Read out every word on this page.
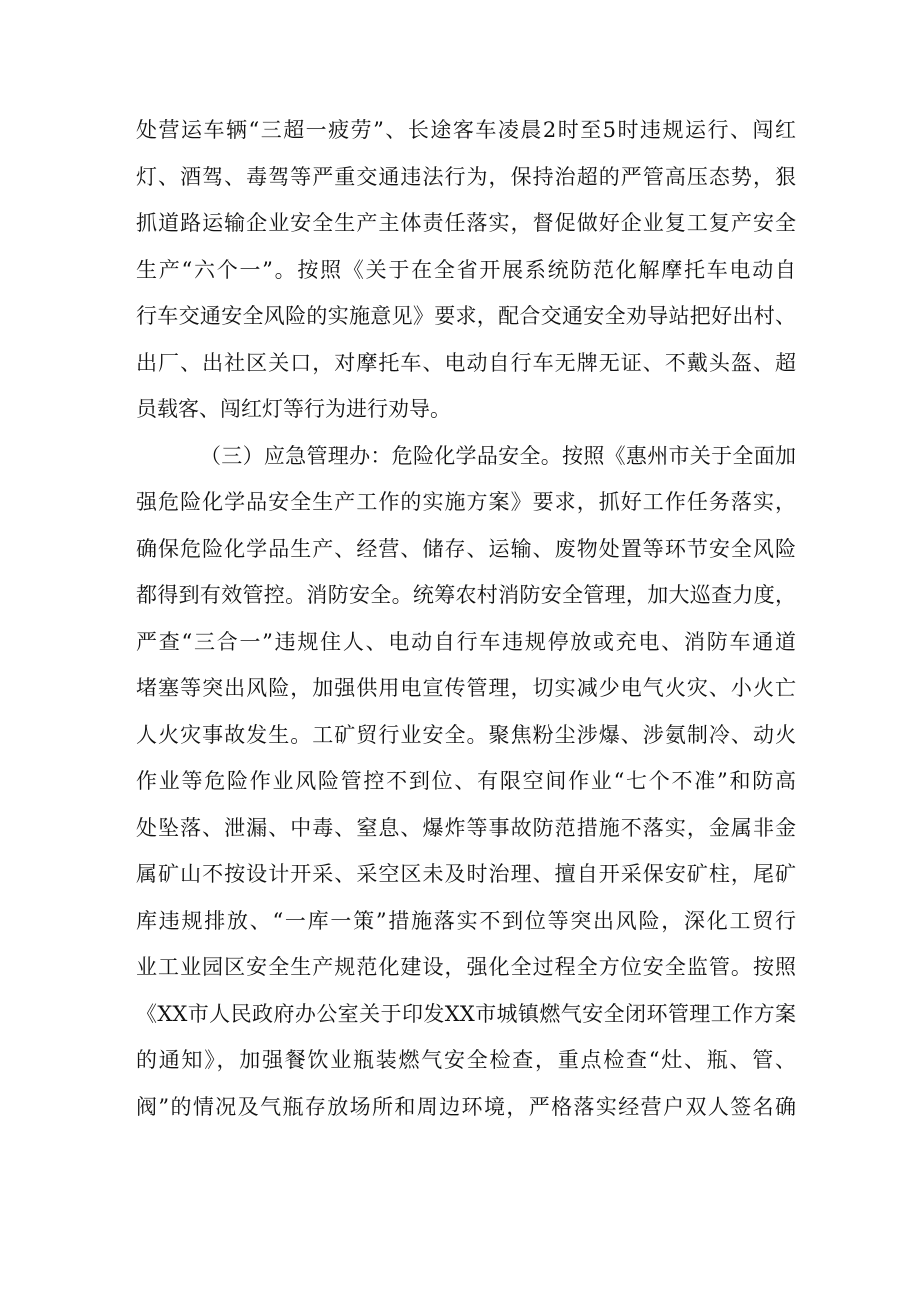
处营运车辆“三超一疲劳”、长途客车凌晨2时至5时违规运行、闯红
灯、酒驾、毒驾等严重交通违法行为，保持治超的严管高压态势，狠
抓道路运输企业安全生产主体责任落实，督促做好企业复工复产安全
生产“六个一”。按照《关于在全省开展系统防范化解摩托车电动自
行车交通安全风险的实施意见》要求，配合交通安全劝导站把好出村、
出厂、出社区关口，对摩托车、电动自行车无牌无证、不戴头盔、超
员载客、闯红灯等行为进行劝导。
（三）应急管理办：危险化学品安全。按照《惠州市关于全面加
强危险化学品安全生产工作的实施方案》要求，抓好工作任务落实，
确保危险化学品生产、经营、储存、运输、废物处置等环节安全风险
都得到有效管控。消防安全。统筹农村消防安全管理，加大巡查力度，
严查“三合一”违规住人、电动自行车违规停放或充电、消防车通道
堵塞等突出风险，加强供用电宣传管理，切实减少电气火灾、小火亡
人火灾事故发生。工矿贸行业安全。聚焦粉尘涉爆、涉氨制冷、动火
作业等危险作业风险管控不到位、有限空间作业“七个不准”和防高
处坠落、泄漏、中毒、窒息、爆炸等事故防范措施不落实，金属非金
属矿山不按设计开采、采空区未及时治理、擅自开采保安矿柱，尾矿
库违规排放、“一库一策”措施落实不到位等突出风险，深化工贸行
业工业园区安全生产规范化建设，强化全过程全方位安全监管。按照
《XX市人民政府办公室关于印发XX市城镇燃气安全闭环管理工作方案
的通知》，加强餐饮业瓶装燃气安全检查，重点检查“灶、瓶、管、
阀”的情况及气瓶存放场所和周边环境，严格落实经营户双人签名确
